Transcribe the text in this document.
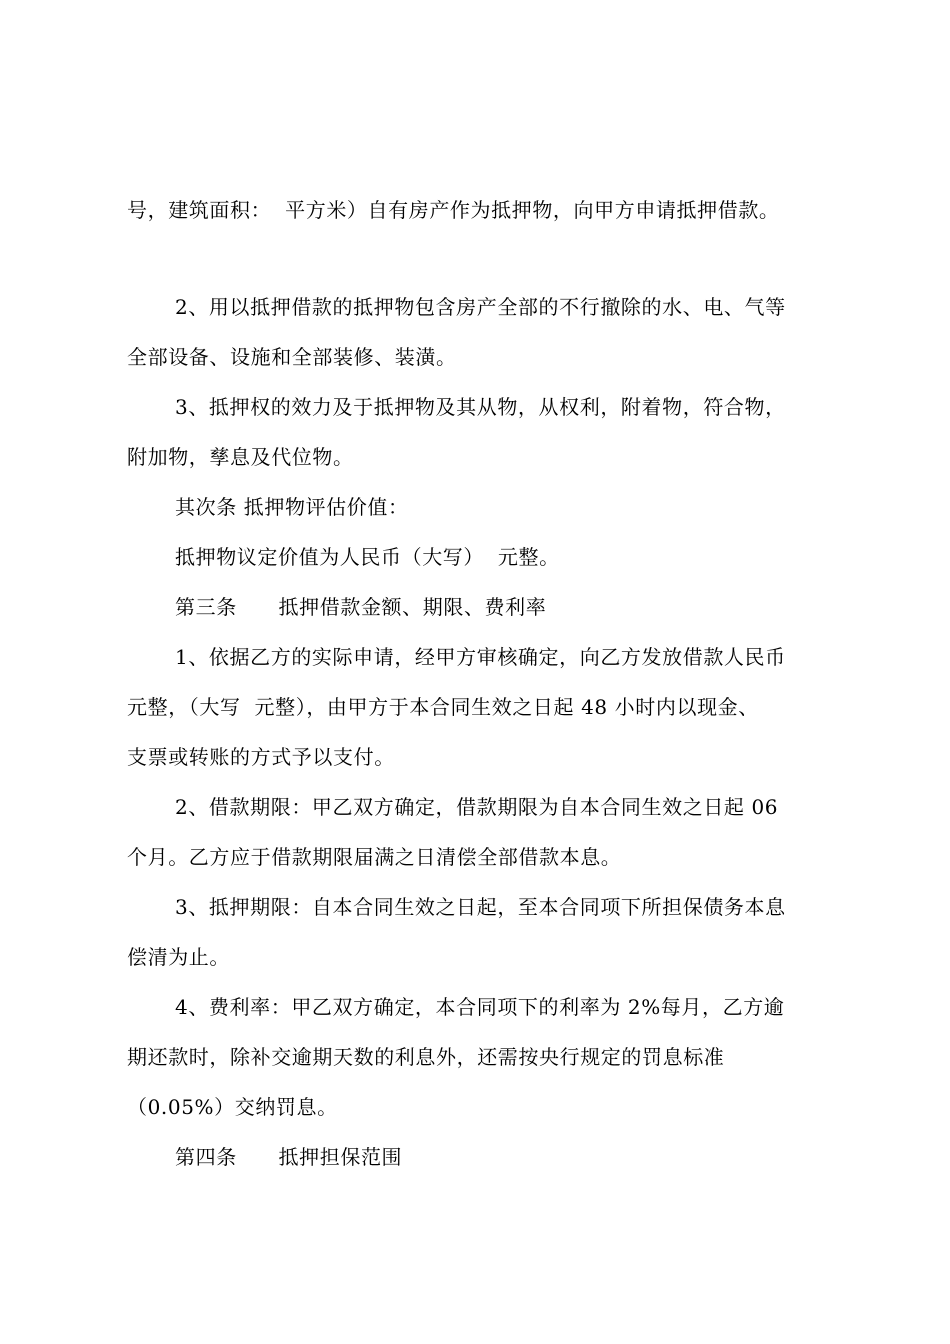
号，建筑面积：  平方米）自有房产作为抵押物，向甲方申请抵押借款。
2、用以抵押借款的抵押物包含房产全部的不行撤除的水、电、气等
全部设备、设施和全部装修、装潢。
3、抵押权的效力及于抵押物及其从物，从权利，附着物，符合物，
附加物，孳息及代位物。
其次条 抵押物评估价值：
抵押物议定价值为人民币（大写）  元整。
第三条      抵押借款金额、期限、费利率
1、依据乙方的实际申请，经甲方审核确定，向乙方发放借款人民币
元整，（大写  元整），由甲方于本合同生效之日起 48 小时内以现金、
支票或转账的方式予以支付。
2、借款期限：甲乙双方确定，借款期限为自本合同生效之日起 06
个月。乙方应于借款期限届满之日清偿全部借款本息。
3、抵押期限：自本合同生效之日起，至本合同项下所担保债务本息
偿清为止。
4、费利率：甲乙双方确定，本合同项下的利率为 2%每月，乙方逾
期还款时，除补交逾期天数的利息外，还需按央行规定的罚息标准
（0.05%）交纳罚息。
第四条      抵押担保范围
